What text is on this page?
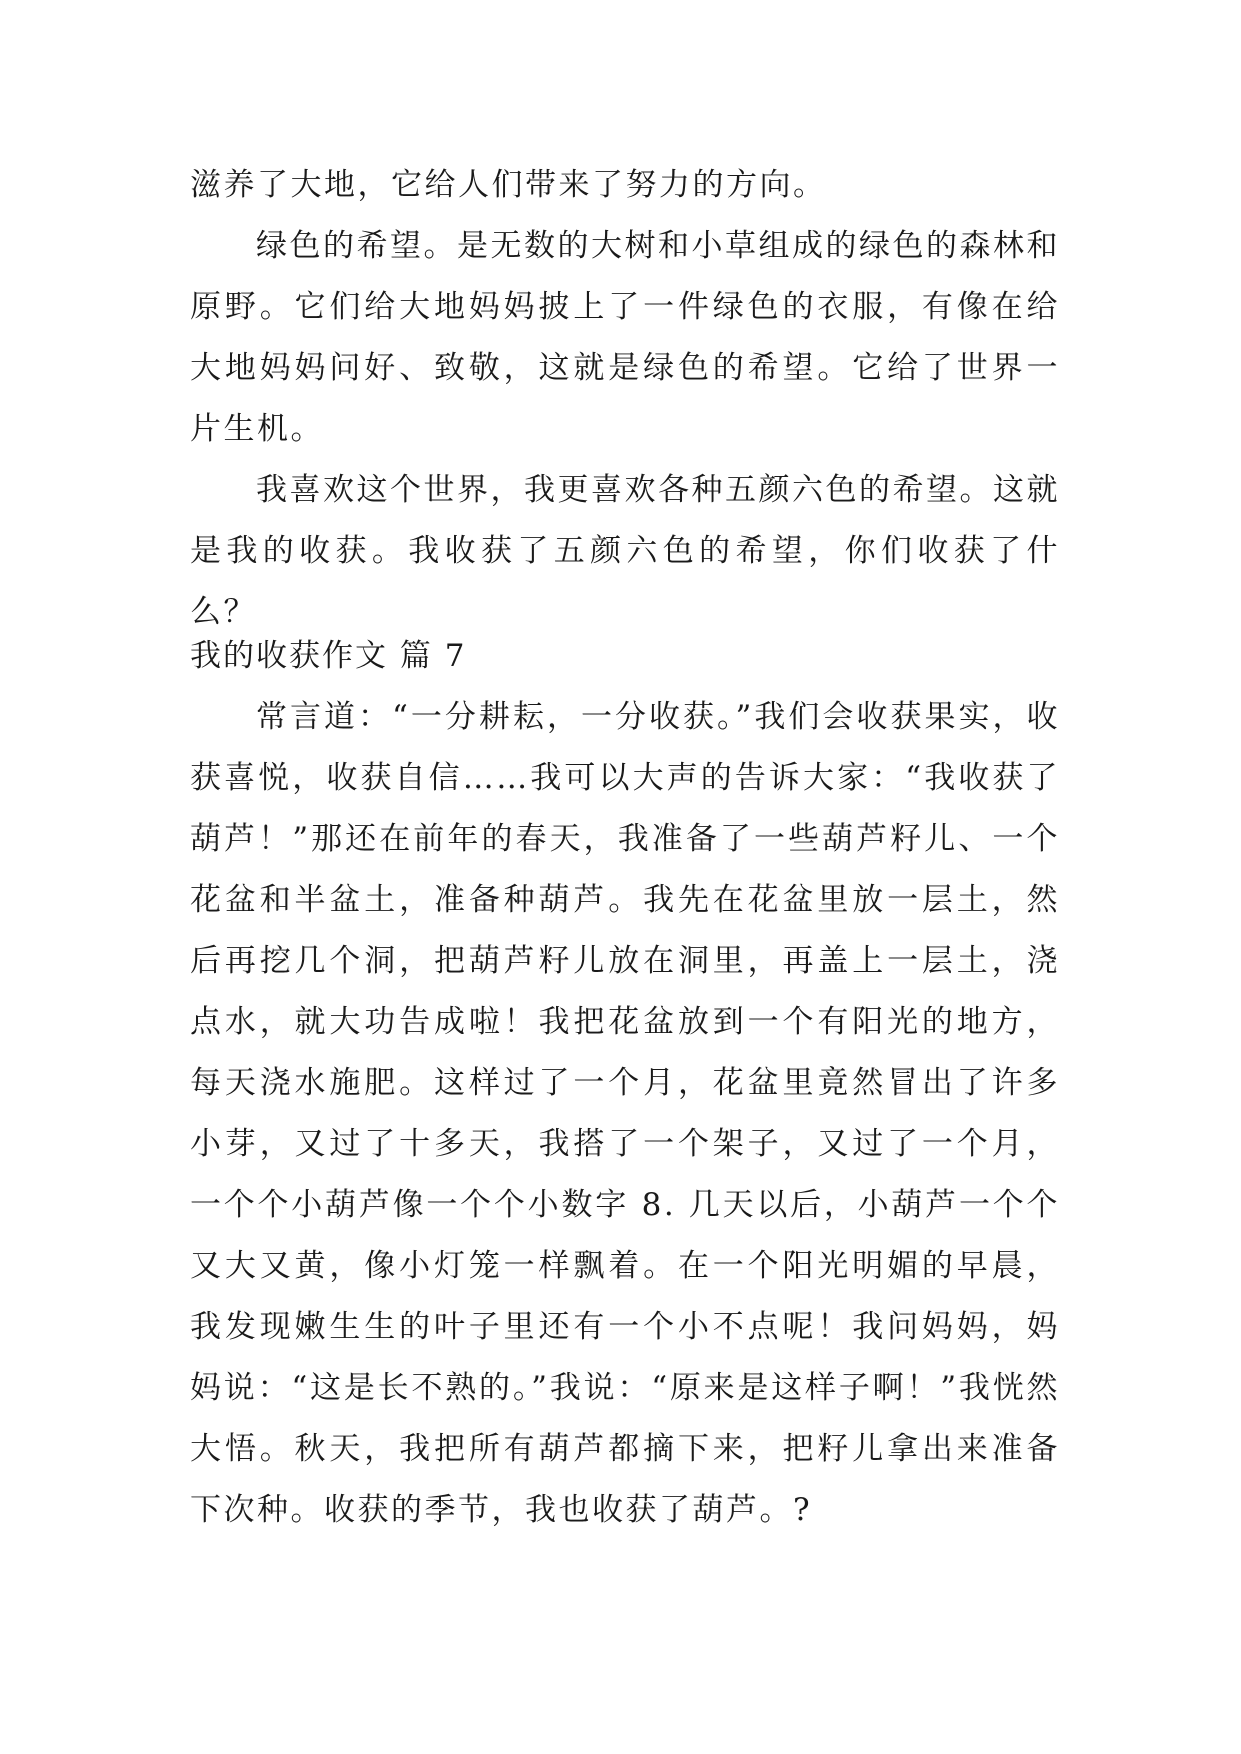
滋养了大地，它给人们带来了努力的方向。

绿色的希望。是无数的大树和小草组成的绿色的森林和原野。它们给大地妈妈披上了一件绿色的衣服，有像在给大地妈妈问好、致敬，这就是绿色的希望。它给了世界一片生机。

我喜欢这个世界，我更喜欢各种五颜六色的希望。这就是我的收获。我收获了五颜六色的希望，你们收获了什么？

我的收获作文 篇 7

常言道：“一分耕耘，一分收获。”我们会收获果实，收获喜悦，收获自信……我可以大声的告诉大家：“我收获了葫芦！”那还在前年的春天，我准备了一些葫芦籽儿、一个花盆和半盆土，准备种葫芦。我先在花盆里放一层土，然后再挖几个洞，把葫芦籽儿放在洞里，再盖上一层土，浇点水，就大功告成啦！我把花盆放到一个有阳光的地方，每天浇水施肥。这样过了一个月，花盆里竟然冒出了许多小芽，又过了十多天，我搭了一个架子，又过了一个月，一个个小葫芦像一个个小数字 8. 几天以后，小葫芦一个个又大又黄，像小灯笼一样飘着。在一个阳光明媚的早晨，我发现嫩生生的叶子里还有一个小不点呢！我问妈妈，妈妈说：“这是长不熟的。”我说：“原来是这样子啊！”我恍然大悟。秋天，我把所有葫芦都摘下来，把籽儿拿出来准备下次种。收获的季节，我也收获了葫芦。?
